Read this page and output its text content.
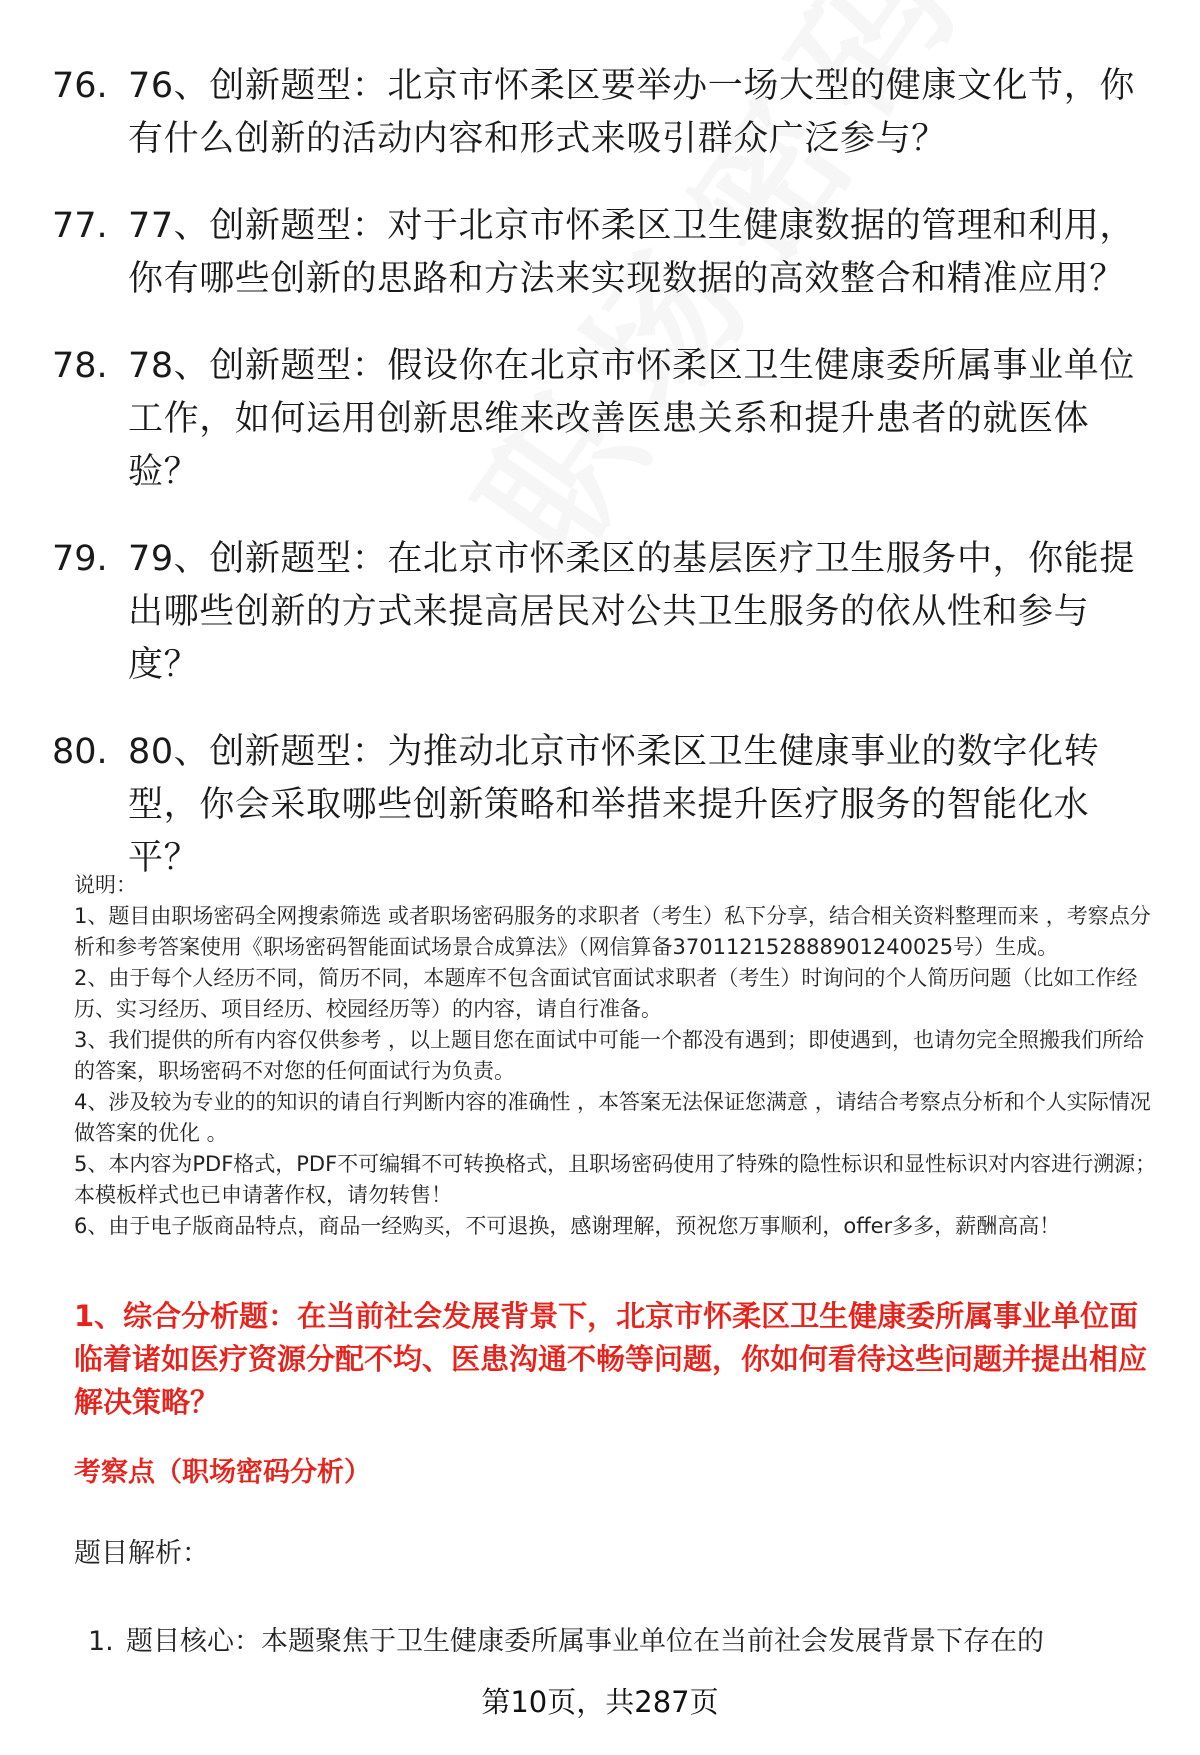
76. 76、创新题型：北京市怀柔区要举办一场大型的健康文化节，你有什么创新的活动内容和形式来吸引群众广泛参与？
77. 77、创新题型：对于北京市怀柔区卫生健康数据的管理和利用，你有哪些创新的思路和方法来实现数据的高效整合和精准应用？
78. 78、创新题型：假设你在北京市怀柔区卫生健康委所属事业单位工作，如何运用创新思维来改善医患关系和提升患者的就医体验？
79. 79、创新题型：在北京市怀柔区的基层医疗卫生服务中，你能提出哪些创新的方式来提高居民对公共卫生服务的依从性和参与度？
80. 80、创新题型：为推动北京市怀柔区卫生健康事业的数字化转型，你会采取哪些创新策略和举措来提升医疗服务的智能化水平？

说明：

1、题目由职场密码全网搜索筛选 或者职场密码服务的求职者（考生）私下分享，结合相关资料整理而来 ，考察点分析和参考答案使用《职场密码智能面试场景合成算法》（网信算备370112152888901240025号）生成。

2、由于每个人经历不同，简历不同，本题库不包含面试官面试求职者（考生）时询问的个人简历问题（比如工作经历、实习经历、项目经历、校园经历等）的内容，请自行准备。

3、我们提供的所有内容仅供参考 ，以上题目您在面试中可能一个都没有遇到；即使遇到，也请勿完全照搬我们所给的答案，职场密码不对您的任何面试行为负责。

4、涉及较为专业的的知识的请自行判断内容的准确性 ，本答案无法保证您满意 ，请结合考察点分析和个人实际情况做答案的优化 。

5、本内容为PDF格式，PDF不可编辑不可转换格式，且职场密码使用了特殊的隐性标识和显性标识对内容进行溯源；本模板样式也已申请著作权，请勿转售！

6、由于电子版商品特点，商品一经购买，不可退换，感谢理解，预祝您万事顺利，offer多多，薪酬高高！

1、综合分析题：在当前社会发展背景下，北京市怀柔区卫生健康委所属事业单位面临着诸如医疗资源分配不均、医患沟通不畅等问题，你如何看待这些问题并提出相应解决策略？
考察点（职场密码分析）
题目解析：
1. 题目核心：本题聚焦于卫生健康委所属事业单位在当前社会发展背景下存在的
第10页，共287页
